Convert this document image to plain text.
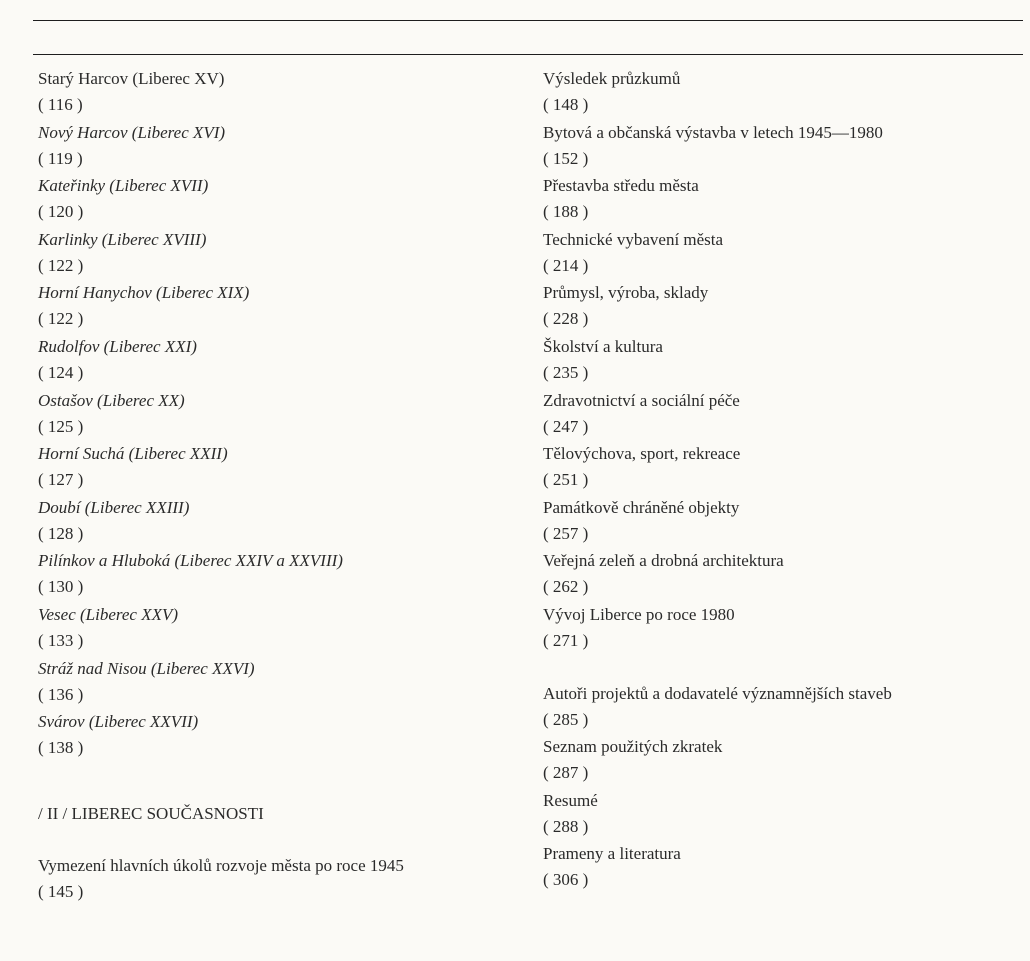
Starý Harcov (Liberec XV)
( 116 )
Nový Harcov (Liberec XVI)
( 119 )
Kateřinky (Liberec XVII)
( 120 )
Karlinky (Liberec XVIII)
( 122 )
Horní Hanychov (Liberec XIX)
( 122 )
Rudolfov (Liberec XXI)
( 124 )
Ostašov (Liberec XX)
( 125 )
Horní Suchá (Liberec XXII)
( 127 )
Doubí (Liberec XXIII)
( 128 )
Pilínkov a Hluboká (Liberec XXIV a XXVIII)
( 130 )
Vesec (Liberec XXV)
( 133 )
Stráž nad Nisou (Liberec XXVI)
( 136 )
Svárov (Liberec XXVII)
( 138 )
/ II / LIBEREC SOUČASNOSTI
Vymezení hlavních úkolů rozvoje města po roce 1945
( 145 )
Výsledek průzkumů
( 148 )
Bytová a občanská výstavba v letech 1945—1980
( 152 )
Přestavba středu města
( 188 )
Technické vybavení města
( 214 )
Průmysl, výroba, sklady
( 228 )
Školství a kultura
( 235 )
Zdravotnictví a sociální péče
( 247 )
Tělovýchova, sport, rekreace
( 251 )
Památkově chráněné objekty
( 257 )
Veřejná zeleň a drobná architektura
( 262 )
Vývoj Liberce po roce 1980
( 271 )
Autoři projektů a dodavatelé významnějších staveb
( 285 )
Seznam použitých zkratek
( 287 )
Resumé
( 288 )
Prameny a literatura
( 306 )
